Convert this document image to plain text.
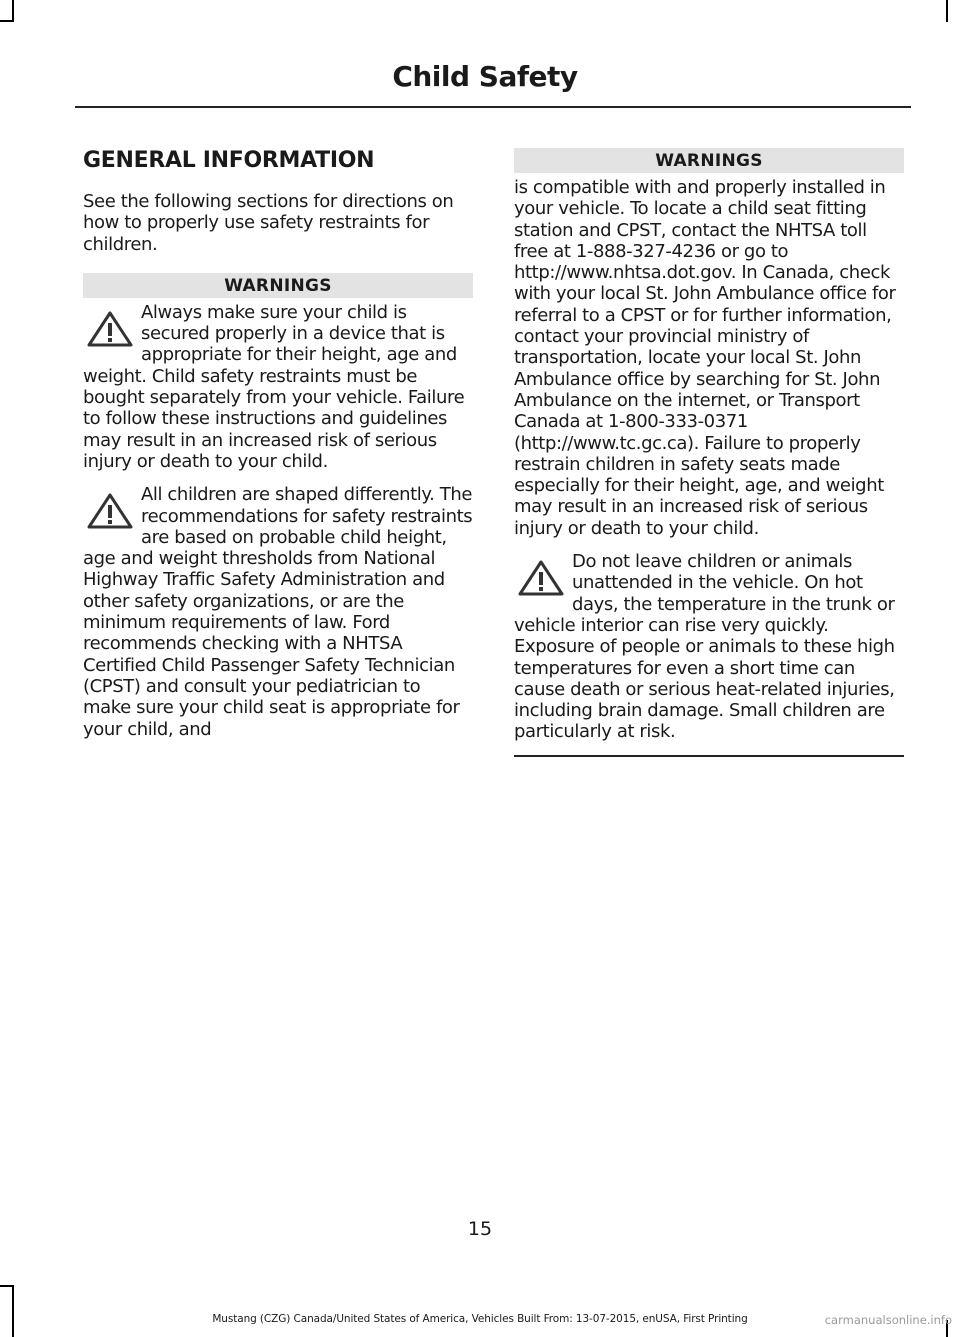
Child Safety
GENERAL INFORMATION

See the following sections for directions on how to properly use safety restraints for children.

WARNINGS

Always make sure your child is secured properly in a device that is appropriate for their height, age and weight. Child safety restraints must be bought separately from your vehicle. Failure to follow these instructions and guidelines may result in an increased risk of serious injury or death to your child.

All children are shaped differently. The recommendations for safety restraints are based on probable child height, age and weight thresholds from National Highway Traffic Safety Administration and other safety organizations, or are the minimum requirements of law. Ford recommends checking with a NHTSA Certified Child Passenger Safety Technician (CPST) and consult your pediatrician to make sure your child seat is appropriate for your child, and

WARNINGS

is compatible with and properly installed in your vehicle. To locate a child seat fitting station and CPST, contact the NHTSA toll free at 1-888-327-4236 or go to http://www.nhtsa.dot.gov. In Canada, check with your local St. John Ambulance office for referral to a CPST or for further information, contact your provincial ministry of transportation, locate your local St. John Ambulance office by searching for St. John Ambulance on the internet, or Transport Canada at 1-800-333-0371 (http://www.tc.gc.ca). Failure to properly restrain children in safety seats made especially for their height, age, and weight may result in an increased risk of serious injury or death to your child.

Do not leave children or animals unattended in the vehicle. On hot days, the temperature in the trunk or vehicle interior can rise very quickly. Exposure of people or animals to these high temperatures for even a short time can cause death or serious heat-related injuries, including brain damage. Small children are particularly at risk.

15
Mustang (CZG) Canada/United States of America, Vehicles Built From: 13-07-2015, enUSA, First Printing	carmanualsonline.info
